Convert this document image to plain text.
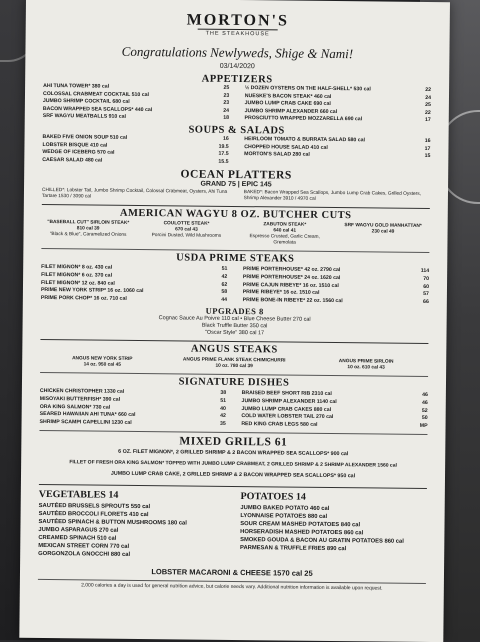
MORTON'S
THE STEAKHOUSE
Congratulations Newlyweds, Shige & Nami!
03/14/2020
APPETIZERS
AHI TUNA TOWER* 380 cal	25
COLOSSAL CRABMEAT COCKTAIL 510 cal	23
JUMBO SHRIMP COCKTAIL 680 cal	23
BACON WRAPPED SEA SCALLOPS* 440 cal	24
SRF WAGYU MEATBALLS 910 cal	18
½ DOZEN OYSTERS ON THE HALF-SHELL* 530 cal	22
NUESKE'S BACON STEAK* 460 cal	24
JUMBO LUMP CRAB CAKE 690 cal	25
JUMBO SHRIMP ALEXANDER 660 cal	22
PROSCIUTTO WRAPPED MOZZARELLA 690 cal	17
SOUPS & SALADS
BAKED FIVE ONION SOUP 510 cal	16
LOBSTER BISQUE 410 cal	19.5
WEDGE OF ICEBERG 570 cal	17.5
CAESAR SALAD 480 cal	15.5
HEIRLOOM TOMATO & BURRATA SALAD 580 cal	16
CHOPPED HOUSE SALAD 410 cal	17
MORTON'S SALAD 280 cal	15
OCEAN PLATTERS
GRAND 75 | EPIC 145
CHILLED*: Lobster Tail, Jumbo Shrimp Cocktail, Colossal Crabmeat, Oysters, Ahi Tuna Tartare 1530 / 3090 cal	BAKED*: Bacon Wrapped Sea Scallops, Jumbo Lump Crab Cakes, Grilled Oysters, Shrimp Alexander 3910 / 4970 cal
AMERICAN WAGYU 8 OZ. BUTCHER CUTS
"BASEBALL CUT" SIRLOIN STEAK*
810 cal 39
"Black & Blue", Caramelized Onions
COULOTTE STEAK*
670 cal 43
Porcini Dusted, Wild Mushrooms
ZABUTON STEAK*
640 cal 41
Espresso Crusted, Garlic Cream, Gremolata
SRF WAGYU GOLD MANHATTAN*
230 cal 49
USDA PRIME STEAKS
FILET MIGNON* 8 oz. 430 cal	51
FILET MIGNON* 6 oz. 370 cal	42
FILET MIGNON* 12 oz. 840 cal	62
PRIME NEW YORK STRIP* 16 oz. 1060 cal	58
PRIME PORK CHOP* 16 oz. 710 cal	44
PRIME PORTERHOUSE* 42 oz. 2790 cal	114
PRIME PORTERHOUSE* 24 oz. 1620 cal	70
PRIME CAJUN RIBEYE* 16 oz. 1510 cal	60
PRIME RIBEYE* 16 oz. 1510 cal	57
PRIME BONE-IN RIBEYE* 22 oz. 1560 cal	66
UPGRADES 8
Cognac Sauce Au Poivre 110 cal • Blue Cheese Butter 270 cal
Black Truffle Butter 350 cal
"Oscar Style" 380 cal 17
ANGUS STEAKS
ANGUS NEW YORK STRIP
14 oz. 950 cal 45
ANGUS PRIME FLANK STEAK CHIMICHURRI
10 oz. 780 cal 39
ANGUS PRIME SIRLOIN
10 oz. 610 cal 43
SIGNATURE DISHES
CHICKEN CHRISTOPHER 1330 cal	38
MISOYAKI BUTTERFISH* 390 cal	51
ORA KING SALMON* 730 cal	40
SEARED HAWAIIAN AHI TUNA* 660 cal	42
SHRIMP SCAMPI CAPELLINI 1230 cal	35
BRAISED BEEF SHORT RIB 2310 cal	46
JUMBO SHRIMP ALEXANDER 1140 cal	46
JUMBO LUMP CRAB CAKES 880 cal	52
COLD WATER LOBSTER TAIL 270 cal	50
RED KING CRAB LEGS 580 cal	MP
MIXED GRILLS 61
6 OZ. FILET MIGNON*, 2 GRILLED SHRIMP & 2 BACON WRAPPED SEA SCALLOPS* 900 cal
FILLET OF FRESH ORA KING SALMON* TOPPED WITH JUMBO LUMP CRABMEAT, 2 GRILLED SHRIMP & 2 SHRIMP ALEXANDER 1560 cal
JUMBO LUMP CRAB CAKE, 2 GRILLED SHRIMP & 2 BACON WRAPPED SEA SCALLOPS* 950 cal
VEGETABLES 14
SAUTÉED BRUSSELS SPROUTS 550 cal
SAUTÉED BROCCOLI FLORETS 410 cal
SAUTÉED SPINACH & BUTTON MUSHROOMS 180 cal
JUMBO ASPARAGUS 270 cal
CREAMED SPINACH 510 cal
MEXICAN STREET CORN 770 cal
GORGONZOLA GNOCCHI 880 cal
POTATOES 14
JUMBO BAKED POTATO 460 cal
LYONNAISE POTATOES 880 cal
SOUR CREAM MASHED POTATOES 840 cal
HORSERADISH MASHED POTATOES 860 cal
SMOKED GOUDA & BACON AU GRATIN POTATOES 860 cal
PARMESAN & TRUFFLE FRIES 890 cal
LOBSTER MACARONI & CHEESE 1570 cal 25
2,000 calories a day is used for general nutrition advice, but calorie needs vary. Additional nutrition information is available upon request.
